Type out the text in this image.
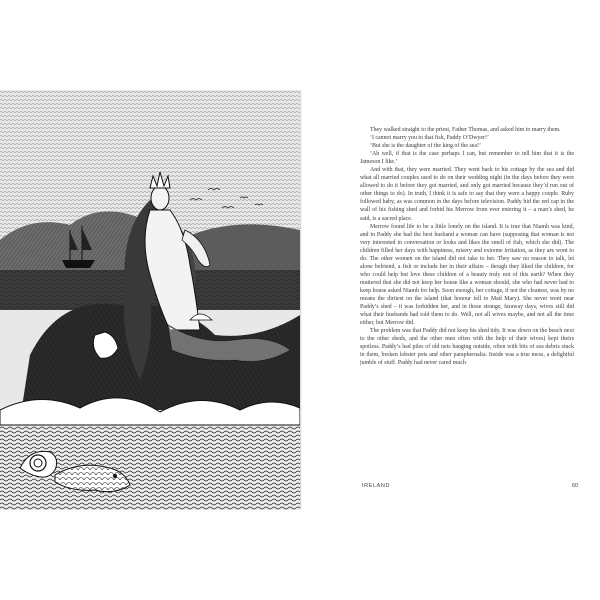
They walked straight to the priest, Father Thomas, and asked him to marry them.

‘I cannot marry you to that fish, Paddy O’Dwyer!’

‘But she is the daughter of the king of the sea!’

‘Ah well, if that is the case perhaps I can, but remember to tell him that it is the Jameson I like.’

And with that, they were married. They went back to his cottage by the sea and did what all married couples used to do on their wedding night (in the days before they were allowed to do it before they got married, and only got married because they’d run out of other things to do). In truth, I think it is safe to say that they were a happy couple. Ruby followed baby, as was common in the days before television. Paddy hid the red cap in the wall of his fishing shed and forbid his Merrow from ever entering it – a man’s shed, he said, is a sacred place.

Merrow found life to be a little lonely on the island. It is true that Niamh was kind, and in Paddy she had the best husband a woman can have (supposing that woman is not very interested in conversation or looks and likes the smell of fish, which she did). The children filled her days with happiness, misery and extreme irritation, as they are wont to do. The other women on the island did not take to her. They saw no reason to talk, let alone befriend, a fish or include her in their affairs – though they liked the children, for who could help but love these children of a beauty truly not of this earth? When they muttered that she did not keep her house like a woman should, she who had never had to keep house asked Niamh for help. Soon enough, her cottage, if not the cleanest, was by no means the dirtiest on the island (that honour fell to Mad Mary). She never went near Paddy’s shed – it was forbidden her, and in those strange, faraway days, wives still did what their husbands had told them to do. Well, not all wives maybe, and not all the time either, but Merrow did.

The problem was that Paddy did not keep his shed tidy. It was down on the beach next to the other sheds, and the other men often with the help of their wives) kept theirs spotless. Paddy’s had piles of old nets hanging outside, often with bits of sea debris stuck in them, broken lobster pots and other paraphernalia. Inside was a true mess, a delightful jumble of stuff. Paddy had never cared much

IRELAND	60
